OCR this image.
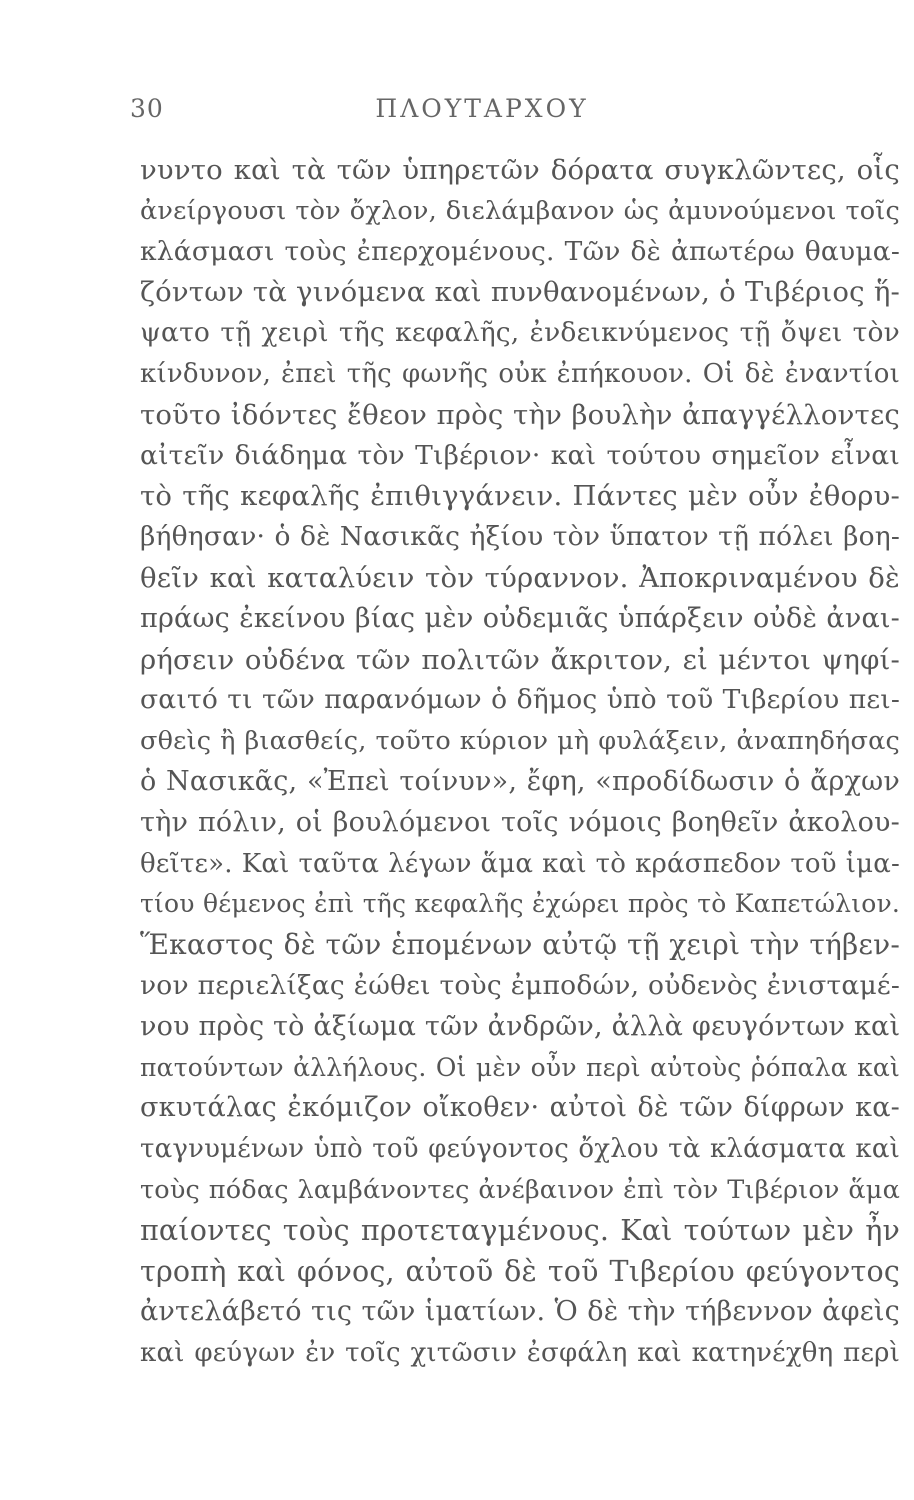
30	ΠΛΟΥΤΑΡΧΟΥ
νυντο καὶ τὰ τῶν ὑπηρετῶν δόρατα συγκλῶντες, οἷς
ἀνείργουσι τὸν ὄχλον, διελάμβανον ὡς ἀμυνούμενοι τοῖς
κλάσμασι τοὺς ἐπερχομένους. Τῶν δὲ ἀπωτέρω θαυμα-
ζόντων τὰ γινόμενα καὶ πυνθανομένων, ὁ Τιβέριος ἥ-
ψατο τῇ χειρὶ τῆς κεφαλῆς, ἐνδεικνύμενος τῇ ὄψει τὸν
κίνδυνον, ἐπεὶ τῆς φωνῆς οὐκ ἐπήκουον. Οἱ δὲ ἐναντίοι
τοῦτο ἰδόντες ἔθεον πρὸς τὴν βουλὴν ἀπαγγέλλοντες
αἰτεῖν διάδημα τὸν Τιβέριον· καὶ τούτου σημεῖον εἶναι
τὸ τῆς κεφαλῆς ἐπιθιγγάνειν. Πάντες μὲν οὖν ἐθορυ-
βήθησαν· ὁ δὲ Νασικᾶς ἠξίου τὸν ὕπατον τῇ πόλει βοη-
θεῖν καὶ καταλύειν τὸν τύραννον. Ἀποκριναμένου δὲ
πράως ἐκείνου βίας μὲν οὐδεμιᾶς ὑπάρξειν οὐδὲ ἀναι-
ρήσειν οὐδένα τῶν πολιτῶν ἄκριτον, εἰ μέντοι ψηφί-
σαιτό τι τῶν παρανόμων ὁ δῆμος ὑπὸ τοῦ Τιβερίου πει-
σθεὶς ἢ βιασθείς, τοῦτο κύριον μὴ φυλάξειν, ἀναπηδήσας
ὁ Νασικᾶς, «Ἐπεὶ τοίνυν», ἔφη, «προδίδωσιν ὁ ἄρχων
τὴν πόλιν, οἱ βουλόμενοι τοῖς νόμοις βοηθεῖν ἀκολου-
θεῖτε». Καὶ ταῦτα λέγων ἅμα καὶ τὸ κράσπεδον τοῦ ἱμα-
τίου θέμενος ἐπὶ τῆς κεφαλῆς ἐχώρει πρὸς τὸ Καπετώλιον.
Ἕκαστος δὲ τῶν ἑπομένων αὐτῷ τῇ χειρὶ τὴν τήβεν-
νον περιελίξας ἐώθει τοὺς ἐμποδών, οὐδενὸς ἐνισταμέ-
νου πρὸς τὸ ἀξίωμα τῶν ἀνδρῶν, ἀλλὰ φευγόντων καὶ
πατούντων ἀλλήλους. Οἱ μὲν οὖν περὶ αὐτοὺς ῥόπαλα καὶ
σκυτάλας ἐκόμιζον οἴκοθεν· αὐτοὶ δὲ τῶν δίφρων κα-
ταγνυμένων ὑπὸ τοῦ φεύγοντος ὄχλου τὰ κλάσματα καὶ
τοὺς πόδας λαμβάνοντες ἀνέβαινον ἐπὶ τὸν Τιβέριον ἅμα
παίοντες τοὺς προτεταγμένους. Καὶ τούτων μὲν ἦν
τροπὴ καὶ φόνος, αὐτοῦ δὲ τοῦ Τιβερίου φεύγοντος
ἀντελάβετό τις τῶν ἱματίων. Ὁ δὲ τὴν τήβεννον ἀφεὶς
καὶ φεύγων ἐν τοῖς χιτῶσιν ἐσφάλη καὶ κατηνέχθη περὶ
